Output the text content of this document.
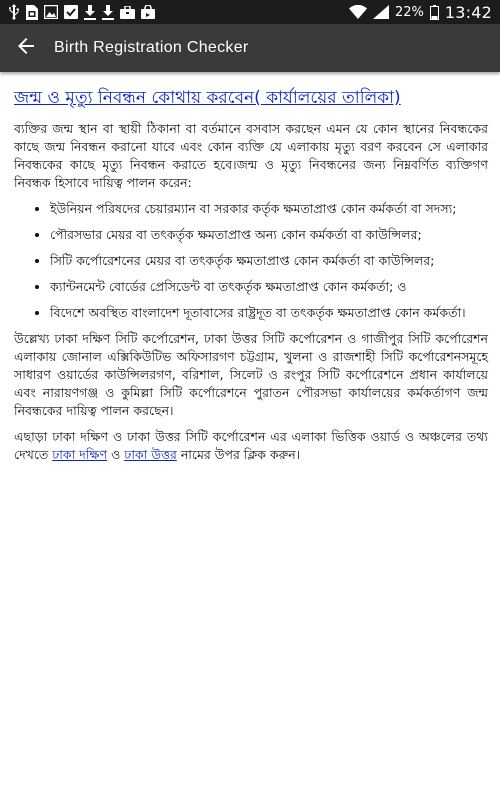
22% 13:42
Birth Registration Checker
জন্ম ও মৃত্যু নিবন্ধন কোথায় করবেন( কার্যালয়ের তালিকা)

ব্যক্তির জন্ম স্থান বা স্থায়ী ঠিকানা বা বর্তমানে বসবাস করছেন এমন যে কোন স্থানের নিবন্ধকের কাছে জন্ম নিবন্ধন করানো যাবে এবং কোন ব্যক্তি যে এলাকায় মৃত্যু বরণ করবেন সে এলাকার নিবন্ধকের কাছে মৃত্যু নিবন্ধন করাতে হবে।জন্ম ও মৃত্যু নিবন্ধনের জন্য নিম্নবর্ণিত ব্যক্তিগণ নিবন্ধক হিসাবে দায়িত্ব পালন করেন:

• ইউনিয়ন পরিষদের চেয়ারম্যান বা সরকার কর্তৃক ক্ষমতাপ্রাপ্ত কোন কর্মকর্তা বা সদস্য;
• পৌরসভার মেয়র বা তৎকর্তৃক ক্ষমতাপ্রাপ্ত অন্য কোন কর্মকর্তা বা কাউন্সিলর;
• সিটি কর্পোরেশনের মেয়র বা তৎকর্তৃক ক্ষমতাপ্রাপ্ত কোন কর্মকর্তা বা কাউন্সিলর;
• ক্যান্টনমেন্ট বোর্ডের প্রেসিডেন্ট বা তৎকর্তৃক ক্ষমতাপ্রাপ্ত কোন কর্মকর্তা; ও
• বিদেশে অবস্থিত বাংলাদেশ দূতাবাসের রাষ্ট্রদূত বা তৎকর্তৃক ক্ষমতাপ্রাপ্ত কোন কর্মকর্তা।

উল্লেখ্য ঢাকা দক্ষিণ সিটি কর্পোরেশন, ঢাকা উত্তর সিটি কর্পোরেশন ও গাজীপুর সিটি কর্পোরেশন এলাকায় জোনাল এক্সিকিউটিভ অফিসারগণ চট্টগ্রাম, খুলনা ও রাজশাহী সিটি কর্পোরেশনসমূহে সাধারণ ওয়ার্ডের কাউন্সিলরগণ, বরিশাল, সিলেট ও রংপুর সিটি কর্পোরেশনে প্রধান কার্যালয়ে এবং নারায়ণগঞ্জ ও কুমিল্লা সিটি কর্পোরেশনে পুরাতন পৌরসভা কার্যালয়ের কর্মকর্তাগণ জন্ম নিবন্ধকের দায়িত্ব পালন করছেন।

এছাড়া ঢাকা দক্ষিণ ও ঢাকা উত্তর সিটি কর্পোরেশন এর এলাকা ভিত্তিক ওয়ার্ড ও অঞ্চলের তথ্য দেখতে ঢাকা দক্ষিণ ও ঢাকা উত্তর নামের উপর ক্লিক করুন।
